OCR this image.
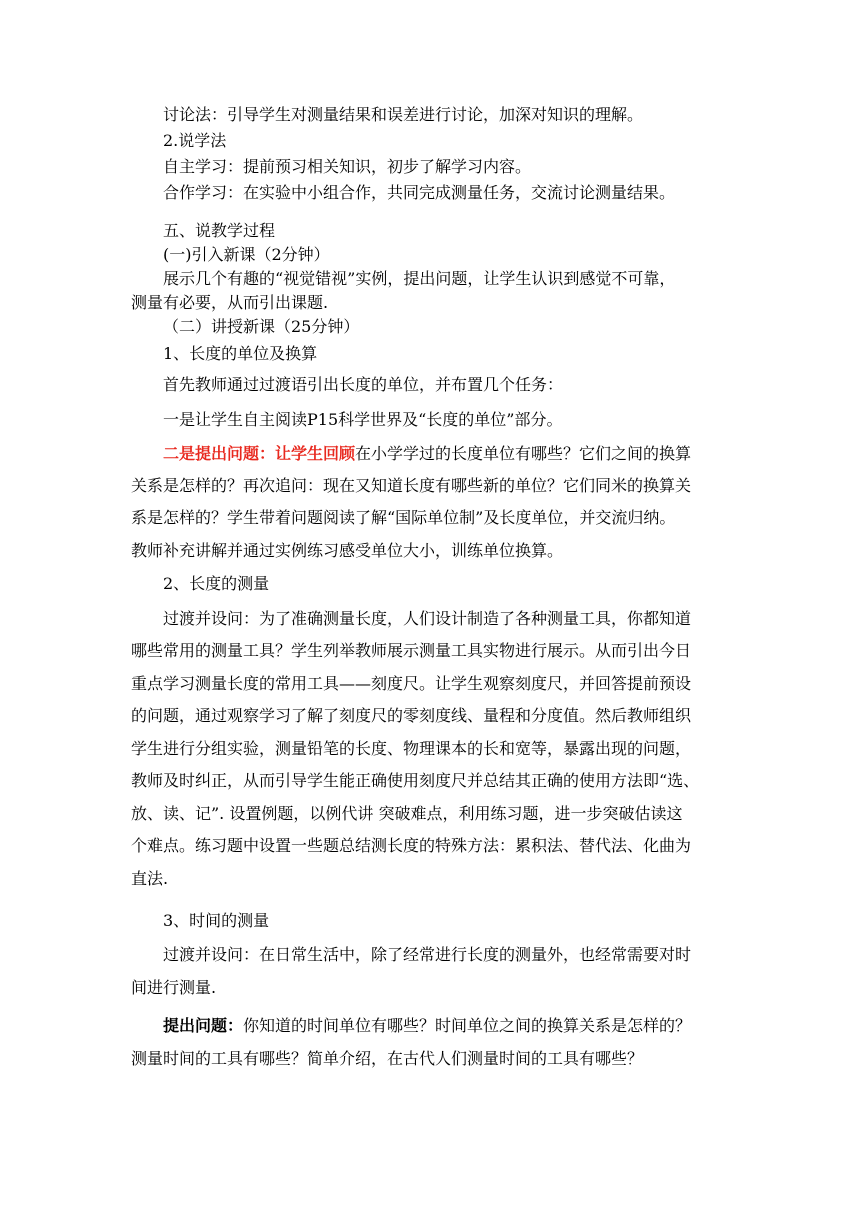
讨论法：引导学生对测量结果和误差进行讨论，加深对知识的理解。

2.说学法

自主学习：提前预习相关知识，初步了解学习内容。

合作学习：在实验中小组合作，共同完成测量任务，交流讨论测量结果。

五、说教学过程

(一)引入新课（2分钟）

展示几个有趣的“视觉错视”实例，提出问题，让学生认识到感觉不可靠，

测量有必要，从而引出课题.

（二）讲授新课（25分钟）

1、长度的单位及换算

首先教师通过过渡语引出长度的单位，并布置几个任务：

一是让学生自主阅读P15科学世界及“长度的单位”部分。

二是提出问题：让学生回顾在小学学过的长度单位有哪些？它们之间的换算

关系是怎样的？再次追问：现在又知道长度有哪些新的单位？它们同米的换算关

系是怎样的？学生带着问题阅读了解“国际单位制”及长度单位，并交流归纳。

教师补充讲解并通过实例练习感受单位大小，训练单位换算。

2、长度的测量

过渡并设问：为了准确测量长度，人们设计制造了各种测量工具，你都知道

哪些常用的测量工具？学生列举教师展示测量工具实物进行展示。从而引出今日

重点学习测量长度的常用工具——刻度尺。让学生观察刻度尺，并回答提前预设

的问题，通过观察学习了解了刻度尺的零刻度线、量程和分度值。然后教师组织

学生进行分组实验，测量铅笔的长度、物理课本的长和宽等，暴露出现的问题，

教师及时纠正，从而引导学生能正确使用刻度尺并总结其正确的使用方法即“选、

放、读、记”. 设置例题，以例代讲 突破难点，利用练习题，进一步突破估读这

个难点。练习题中设置一些题总结测长度的特殊方法：累积法、替代法、化曲为

直法.

3、时间的测量

过渡并设问：在日常生活中，除了经常进行长度的测量外，也经常需要对时

间进行测量.

提出问题：你知道的时间单位有哪些？时间单位之间的换算关系是怎样的？

测量时间的工具有哪些？简单介绍，在古代人们测量时间的工具有哪些？
